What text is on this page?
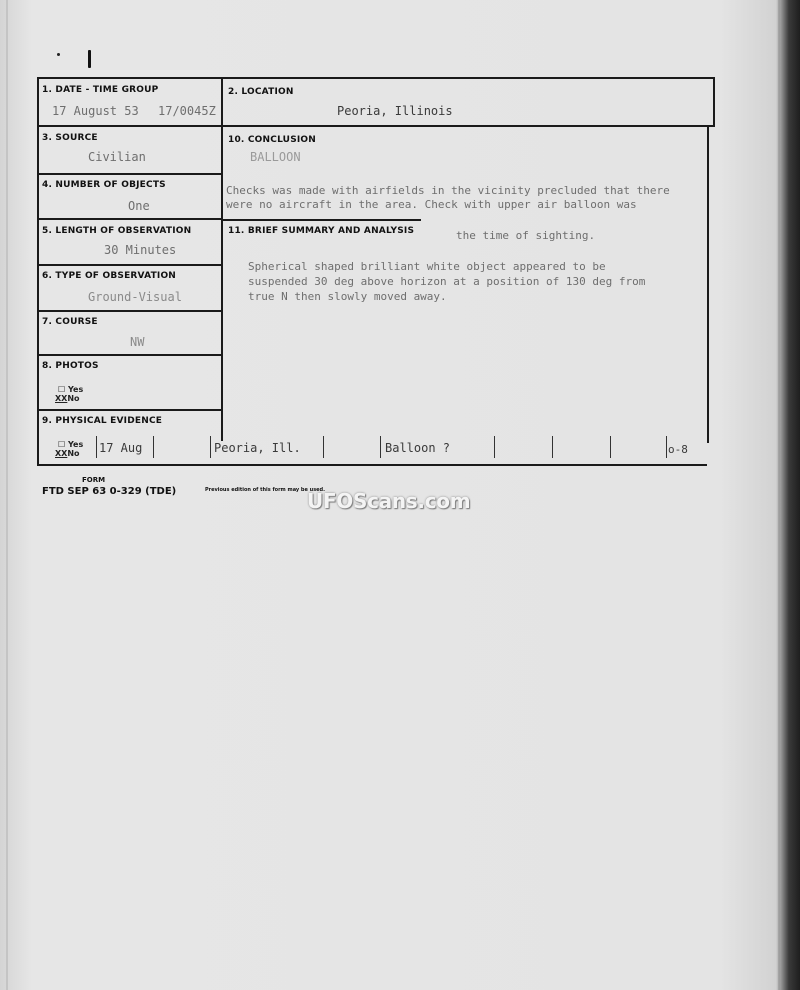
1. DATE - TIME GROUP
17 August 53 17/0045Z
2. LOCATION
Peoria, Illinois
3. SOURCE
Civilian
10. CONCLUSION
BALLOON
4. NUMBER OF OBJECTS
One
Checks was made with airfields in the vicinity precluded that there
were no aircraft in the area. Check with upper air balloon was
the time of sighting.
5. LENGTH OF OBSERVATION
30 Minutes
11. BRIEF SUMMARY AND ANALYSIS
Spherical shaped brilliant white object appeared to be
suspended 30 deg above horizon at a position of 130 deg from
true N then slowly moved away.
6. TYPE OF OBSERVATION
Ground-Visual
7. COURSE
NW
8. PHOTOS
☐ Yes
XXNo
9. PHYSICAL EVIDENCE
☐ Yes
XXNo 17 Aug	Peoria, Ill.	Balloon ?	o-8
FORM
FTD SEP 63 0-329 (TDE)	Previous edition of this form may be used.
UFOScans.com
